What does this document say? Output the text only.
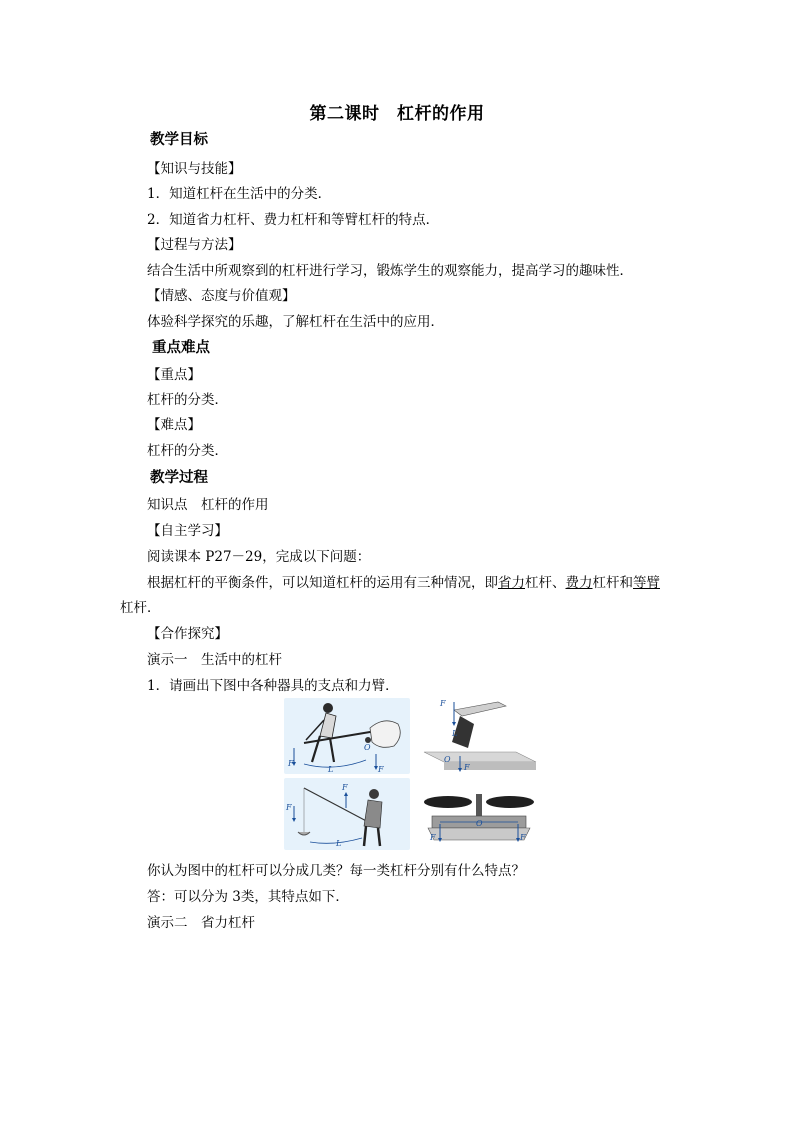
第二课时　杠杆的作用
教学目标
【知识与技能】
1．知道杠杆在生活中的分类．
2．知道省力杠杆、费力杠杆和等臂杠杆的特点．
【过程与方法】
结合生活中所观察到的杠杆进行学习，锻炼学生的观察能力，提高学习的趣味性．
【情感、态度与价值观】
体验科学探究的乐趣，了解杠杆在生活中的应用．
重点难点
【重点】
杠杆的分类．
【难点】
杠杆的分类．
教学过程
知识点　杠杆的作用
【自主学习】
阅读课本 P27－29，完成以下问题：
根据杠杆的平衡条件，可以知道杠杆的运用有三种情况，即省力杠杆、费力杠杆和等臂
杠杆．
【合作探究】
演示一　生活中的杠杆
1．请画出下图中各种器具的支点和力臂．
F
O
L	F
F
L
O
F
F
F
L
F
O
F
你认为图中的杠杆可以分成几类？每一类杠杆分别有什么特点？
答：可以分为 3类，其特点如下．
演示二　省力杠杆
